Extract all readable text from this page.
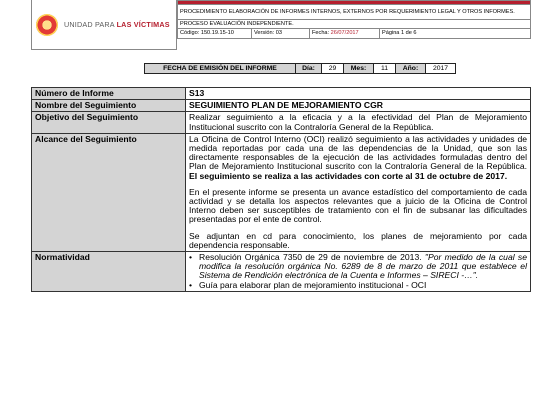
UNIDAD PARA LAS VÍCTIMAS

PROCEDIMIENTO ELABORACIÓN DE INFORMES INTERNOS, EXTERNOS POR REQUERIMIENTO LEGAL Y OTROS INFORMES.
PROCESO EVALUACIÓN INDEPENDIENTE.
Código: 150.19.15-10	Versión: 03	Fecha: 26/07/2017	Página 1 de 6
FECHA DE EMISIÓN DEL INFORME	Día:	29	Mes:	11	Año:	2017
Número de Informe	S13
Nombre del Seguimiento	SEGUIMIENTO PLAN DE MEJORAMIENTO CGR
Objetivo del Seguimiento	Realizar seguimiento a la eficacia y a la efectividad del Plan de Mejoramiento Institucional suscrito con la Contraloría General de la República.
Alcance del Seguimiento	La Oficina de Control Interno (OCI) realizó seguimiento a las actividades y unidades de medida reportadas por cada una de las dependencias de la Unidad, que son las directamente responsables de la ejecución de las actividades formuladas dentro del Plan de Mejoramiento Institucional suscrito con la Contraloría General de la República. El seguimiento se realiza a las actividades con corte al 31 de octubre de 2017.
En el presente informe se presenta un avance estadístico del comportamiento de cada actividad y se detalla los aspectos relevantes que a juicio de la Oficina de Control Interno deben ser susceptibles de tratamiento con el fin de subsanar las dificultades presentadas por el ente de control.
Se adjuntan en cd para conocimiento, los planes de mejoramiento por cada dependencia responsable.

Normatividad	• Resolución Orgánica 7350 de 29 de noviembre de 2013. "Por medido de la cual se modifica la resolución orgánica No. 6289 de 8 de marzo de 2011 que establece el Sistema de Rendición electrónica de la Cuenta e Informes – SIRECI -…".
• Guía para elaborar plan de mejoramiento institucional - OCI
